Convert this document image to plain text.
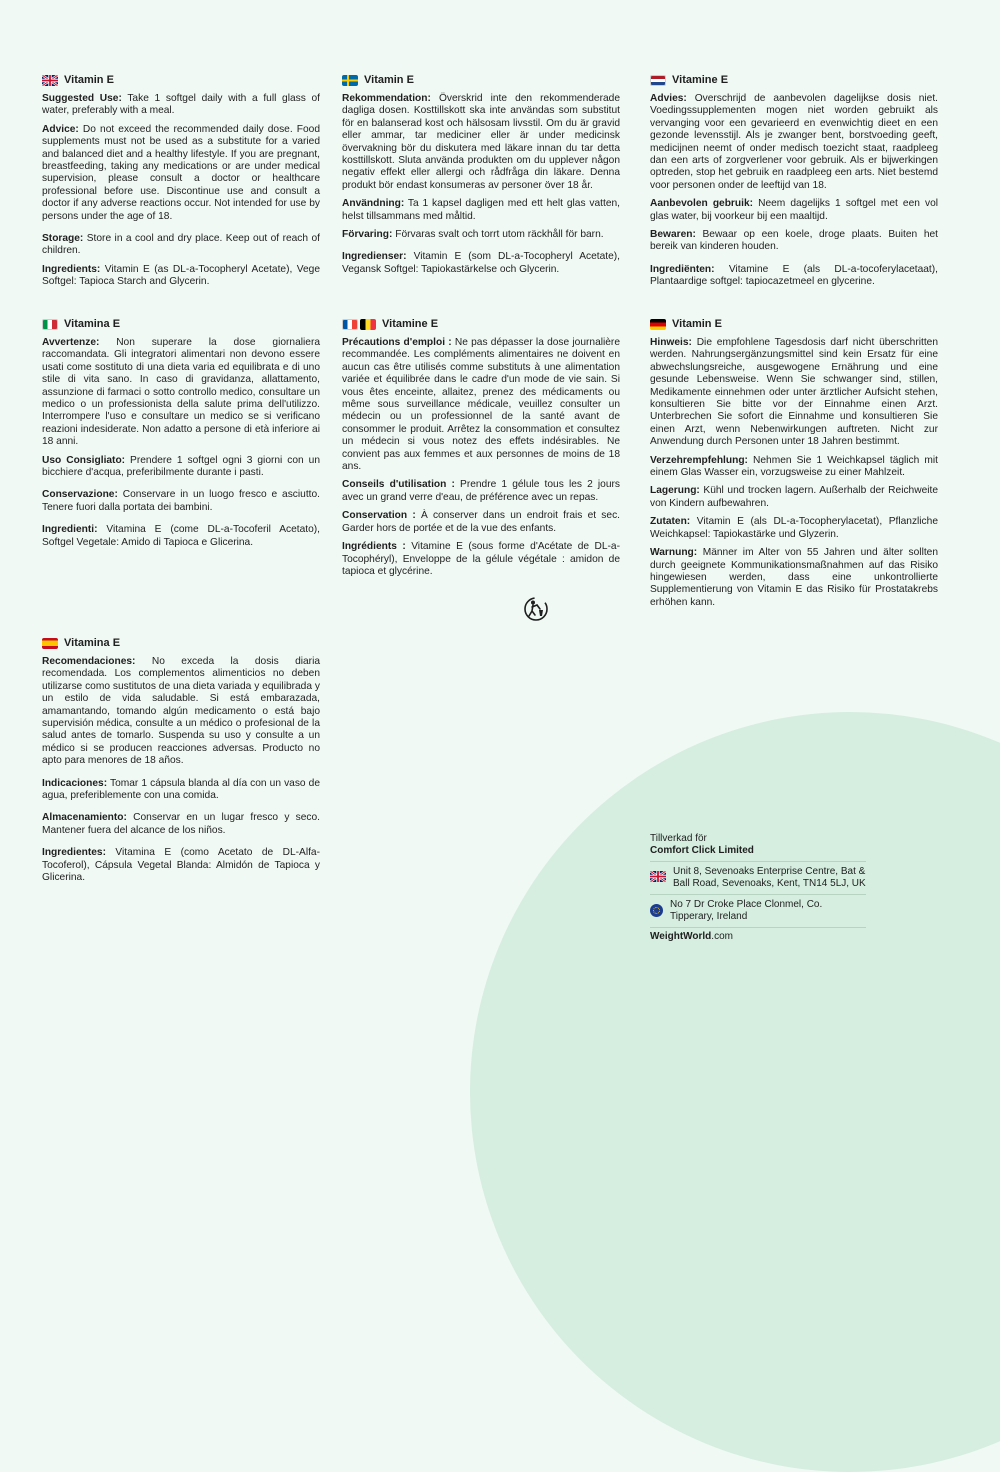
Vitamin E

Suggested Use: Take 1 softgel daily with a full glass of water, preferably with a meal.

Advice: Do not exceed the recommended daily dose. Food supplements must not be used as a substitute for a varied and balanced diet and a healthy lifestyle. If you are pregnant, breastfeeding, taking any medications or are under medical supervision, please consult a doctor or healthcare professional before use. Discontinue use and consult a doctor if any adverse reactions occur. Not intended for use by persons under the age of 18.

Storage: Store in a cool and dry place. Keep out of reach of children.

Ingredients: Vitamin E (as DL-a-Tocopheryl Acetate), Vege Softgel: Tapioca Starch and Glycerin.

Vitamin E

Rekommendation: Överskrid inte den rekommenderade dagliga dosen. Kosttillskott ska inte användas som substitut för en balanserad kost och hälsosam livsstil. Om du är gravid eller ammar, tar mediciner eller är under medicinsk övervakning bör du diskutera med läkare innan du tar detta kosttillskott. Sluta använda produkten om du upplever någon negativ effekt eller allergi och rådfråga din läkare. Denna produkt bör endast konsumeras av personer över 18 år.

Användning: Ta 1 kapsel dagligen med ett helt glas vatten, helst tillsammans med måltid.

Förvaring: Förvaras svalt och torrt utom räckhåll för barn.

Ingredienser: Vitamin E (som DL-a-Tocopheryl Acetate), Vegansk Softgel: Tapiokastärkelse och Glycerin.

Vitamine E

Advies: Overschrijd de aanbevolen dagelijkse dosis niet. Voedingssupplementen mogen niet worden gebruikt als vervanging voor een gevarieerd en evenwichtig dieet en een gezonde levensstijl. Als je zwanger bent, borstvoeding geeft, medicijnen neemt of onder medisch toezicht staat, raadpleeg dan een arts of zorgverlener voor gebruik. Als er bijwerkingen optreden, stop het gebruik en raadpleeg een arts. Niet bestemd voor personen onder de leeftijd van 18.

Aanbevolen gebruik: Neem dagelijks 1 softgel met een vol glas water, bij voorkeur bij een maaltijd.

Bewaren: Bewaar op een koele, droge plaats. Buiten het bereik van kinderen houden.

Ingrediënten: Vitamine E (als DL-a-tocoferylacetaat), Plantaardige softgel: tapiocazetmeel en glycerine.

Vitamina E

Avvertenze: Non superare la dose giornaliera raccomandata. Gli integratori alimentari non devono essere usati come sostituto di una dieta varia ed equilibrata e di uno stile di vita sano. In caso di gravidanza, allattamento, assunzione di farmaci o sotto controllo medico, consultare un medico o un professionista della salute prima dell'utilizzo. Interrompere l'uso e consultare un medico se si verificano reazioni indesiderate. Non adatto a persone di età inferiore ai 18 anni.

Uso Consigliato: Prendere 1 softgel ogni 3 giorni con un bicchiere d'acqua, preferibilmente durante i pasti.

Conservazione: Conservare in un luogo fresco e asciutto. Tenere fuori dalla portata dei bambini.

Ingredienti: Vitamina E (come DL-a-Tocoferil Acetato), Softgel Vegetale: Amido di Tapioca e Glicerina.

Vitamine E

Précautions d'emploi : Ne pas dépasser la dose journalière recommandée. Les compléments alimentaires ne doivent en aucun cas être utilisés comme substituts à une alimentation variée et équilibrée dans le cadre d'un mode de vie sain. Si vous êtes enceinte, allaitez, prenez des médicaments ou même sous surveillance médicale, veuillez consulter un médecin ou un professionnel de la santé avant de consommer le produit. Arrêtez la consommation et consultez un médecin si vous notez des effets indésirables. Ne convient pas aux femmes et aux personnes de moins de 18 ans.

Conseils d'utilisation : Prendre 1 gélule tous les 2 jours avec un grand verre d'eau, de préférence avec un repas.

Conservation : À conserver dans un endroit frais et sec. Garder hors de portée et de la vue des enfants.

Ingrédients : Vitamine E (sous forme d'Acétate de DL-a-Tocophéryl), Enveloppe de la gélule végétale : amidon de tapioca et glycérine.

Vitamin E

Hinweis: Die empfohlene Tagesdosis darf nicht überschritten werden. Nahrungsergänzungsmittel sind kein Ersatz für eine abwechslungsreiche, ausgewogene Ernährung und eine gesunde Lebensweise. Wenn Sie schwanger sind, stillen, Medikamente einnehmen oder unter ärztlicher Aufsicht stehen, konsultieren Sie bitte vor der Einnahme einen Arzt. Unterbrechen Sie sofort die Einnahme und konsultieren Sie einen Arzt, wenn Nebenwirkungen auftreten. Nicht zur Anwendung durch Personen unter 18 Jahren bestimmt.

Verzehrempfehlung: Nehmen Sie 1 Weichkapsel täglich mit einem Glas Wasser ein, vorzugsweise zu einer Mahlzeit.

Lagerung: Kühl und trocken lagern. Außerhalb der Reichweite von Kindern aufbewahren.

Zutaten: Vitamin E (als DL-a-Tocopherylacetat), Pflanzliche Weichkapsel: Tapiokastärke und Glyzerin.

Warnung: Männer im Alter von 55 Jahren und älter sollten durch geeignete Kommunikationsmaßnahmen auf das Risiko hingewiesen werden, dass eine unkontrollierte Supplementierung von Vitamin E das Risiko für Prostatakrebs erhöhen kann.

Vitamina E

Recomendaciones: No exceda la dosis diaria recomendada. Los complementos alimenticios no deben utilizarse como sustitutos de una dieta variada y equilibrada y un estilo de vida saludable. Si está embarazada, amamantando, tomando algún medicamento o está bajo supervisión médica, consulte a un médico o profesional de la salud antes de tomarlo. Suspenda su uso y consulte a un médico si se producen reacciones adversas. Producto no apto para menores de 18 años.

Indicaciones: Tomar 1 cápsula blanda al día con un vaso de agua, preferiblemente con una comida.

Almacenamiento: Conservar en un lugar fresco y seco. Mantener fuera del alcance de los niños.

Ingredientes: Vitamina E (como Acetato de DL-Alfa-Tocoferol), Cápsula Vegetal Blanda: Almidón de Tapioca y Glicerina.

Tillverkad för
Comfort Click Limited
Unit 8, Sevenoaks Enterprise Centre, Bat & Ball Road, Sevenoaks, Kent, TN14 5LJ, UK
No 7 Dr Croke Place Clonmel, Co. Tipperary, Ireland
WeightWorld.com
